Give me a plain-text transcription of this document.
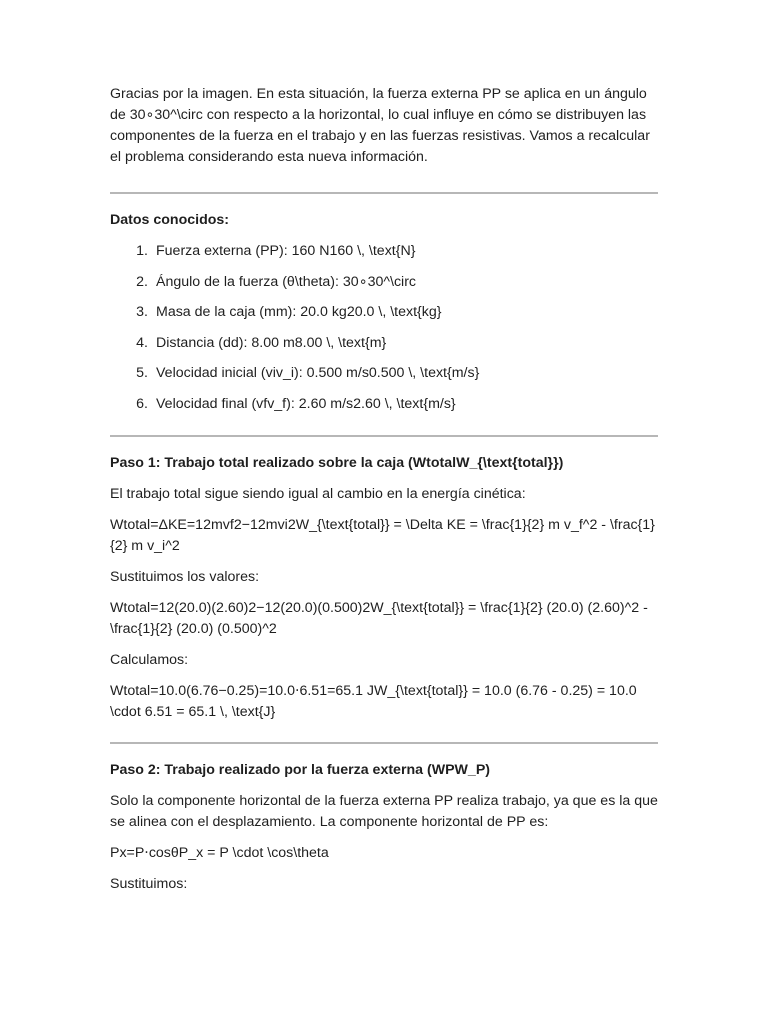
Gracias por la imagen. En esta situación, la fuerza externa PP se aplica en un ángulo de 30∘30^\circ con respecto a la horizontal, lo cual influye en cómo se distribuyen las componentes de la fuerza en el trabajo y en las fuerzas resistivas. Vamos a recalcular el problema considerando esta nueva información.

Datos conocidos:

1. Fuerza externa (PP): 160 N160 \, \text{N}
2. Ángulo de la fuerza (θ\theta): 30∘30^\circ
3. Masa de la caja (mm): 20.0 kg20.0 \, \text{kg}
4. Distancia (dd): 8.00 m8.00 \, \text{m}
5. Velocidad inicial (viv_i): 0.500 m/s0.500 \, \text{m/s}
6. Velocidad final (vfv_f): 2.60 m/s2.60 \, \text{m/s}

Paso 1: Trabajo total realizado sobre la caja (WtotalW_{\text{total}})

El trabajo total sigue siendo igual al cambio en la energía cinética:

Wtotal=ΔKE=12mvf2−12mvi2W_{\text{total}} = \Delta KE = \frac{1}{2} m v_f^2 - \frac{1}{2} m v_i^2

Sustituimos los valores:

Wtotal=12(20.0)(2.60)2−12(20.0)(0.500)2W_{\text{total}} = \frac{1}{2} (20.0) (2.60)^2 - \frac{1}{2} (20.0) (0.500)^2

Calculamos:

Wtotal=10.0(6.76−0.25)=10.0⋅6.51=65.1 JW_{\text{total}} = 10.0 (6.76 - 0.25) = 10.0 \cdot 6.51 = 65.1 \, \text{J}

Paso 2: Trabajo realizado por la fuerza externa (WPW_P)

Solo la componente horizontal de la fuerza externa PP realiza trabajo, ya que es la que se alinea con el desplazamiento. La componente horizontal de PP es:

Px=P⋅cos⁡θP_x = P \cdot \cos\theta

Sustituimos:
